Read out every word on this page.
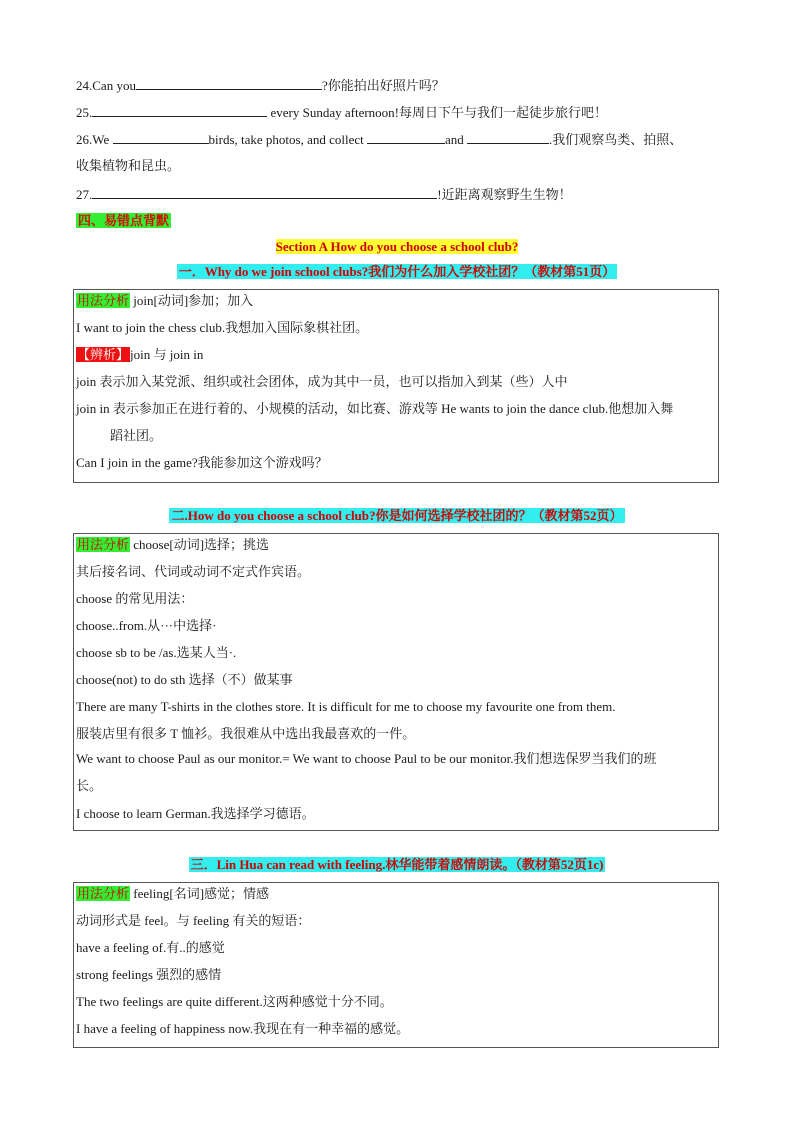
24.Can you	?你能拍出好照片吗？
25.	every Sunday afternoon!每周日下午与我们一起徒步旅行吧！
26.We	birds, take photos, and collect	and	.我们观察鸟类、拍照、
收集植物和昆虫。
27.	!近距离观察野生生物！
四、易错点背默
Section A How do you choose a school club?
一．Why do we join school clubs?我们为什么加入学校社团？（教材第51页）
用法分析 join[动词]参加；加入
I want to join the chess club.我想加入国际象棋社团。
【辨析】join 与 join in
join 表示加入某党派、组织或社会团体，成为其中一员，也可以指加入到某（些）人中
join in 表示参加正在进行着的、小规模的活动，如比赛、游戏等 He wants to join the dance club.他想加入舞
蹈社团。
Can I join in the game?我能参加这个游戏吗？
二.How do you choose a school club?你是如何选择学校社团的？（教材第52页）
用法分析 choose[动词]选择；挑选
其后接名词、代词或动词不定式作宾语。
choose 的常见用法：
choose..from.从···中选择·
choose sb to be /as.选某人当·.
choose(not) to do sth 选择（不）做某事
There are many T-shirts in the clothes store. It is difficult for me to choose my favourite one from them.
服装店里有很多 T 恤衫。我很难从中选出我最喜欢的一件。
We want to choose Paul as our monitor.= We want to choose Paul to be our monitor.我们想选保罗当我们的班
长。
I choose to learn German.我选择学习德语。
三．Lin Hua can read with feeling.林华能带着感情朗读。（教材第52页1c)
用法分析 feeling[名词]感觉；情感
动词形式是 feel。与 feeling 有关的短语：
have a feeling of.有..的感觉
strong feelings 强烈的感情
The two feelings are quite different.这两种感觉十分不同。
I have a feeling of happiness now.我现在有一种幸福的感觉。
